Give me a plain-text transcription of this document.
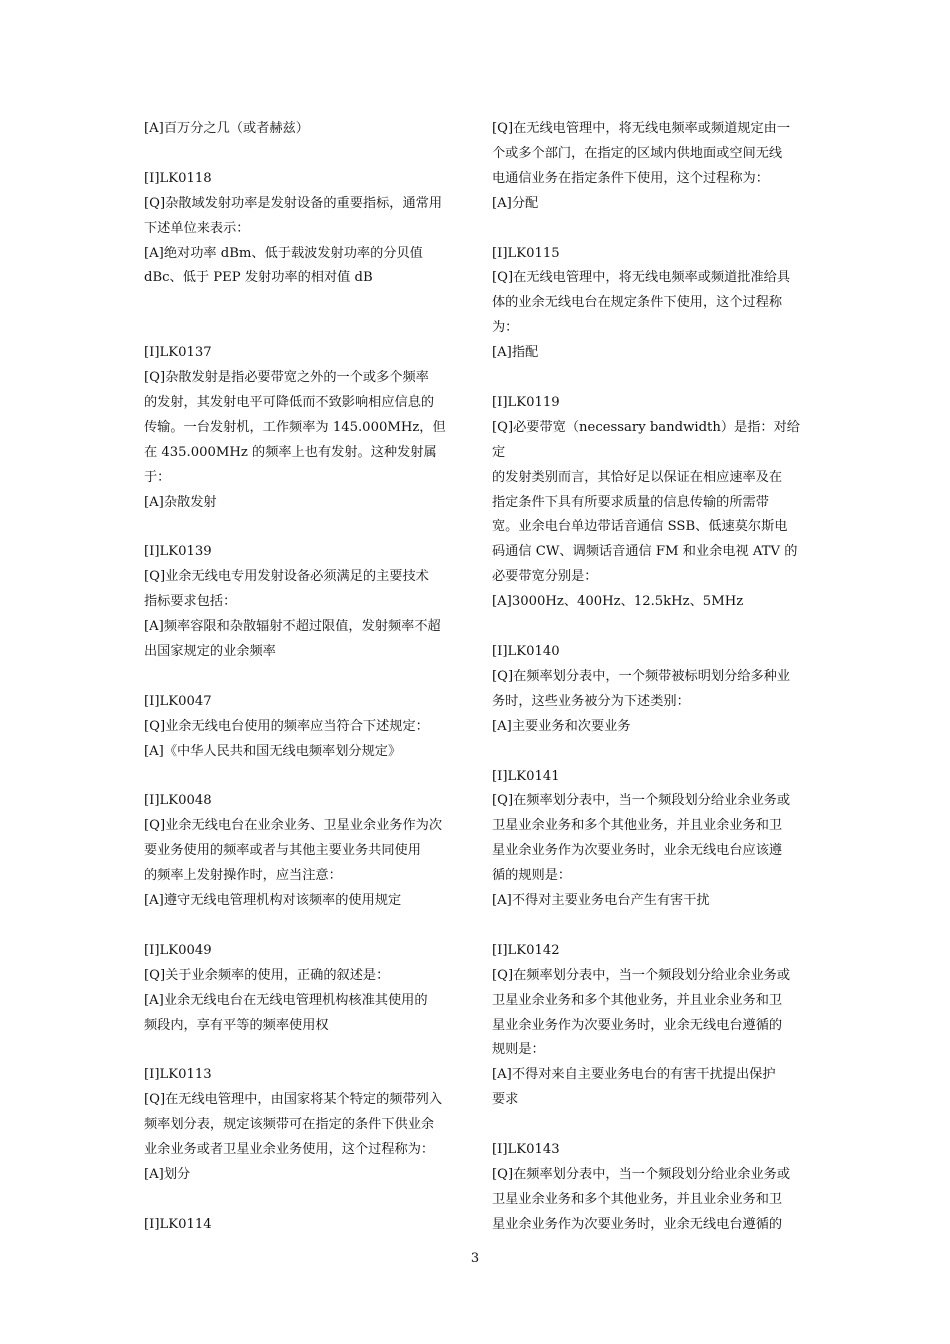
[A]百万分之几（或者赫兹）

[I]LK0118

[Q]杂散域发射功率是发射设备的重要指标，通常用

下述单位来表示：

[A]绝对功率 dBm、低于载波发射功率的分贝值

dBc、低于 PEP 发射功率的相对值 dB

[I]LK0137

[Q]杂散发射是指必要带宽之外的一个或多个频率

的发射，其发射电平可降低而不致影响相应信息的

传输。一台发射机，工作频率为 145.000MHz，但

在 435.000MHz 的频率上也有发射。这种发射属于：

[A]杂散发射

[I]LK0139

[Q]业余无线电专用发射设备必须满足的主要技术

指标要求包括：

[A]频率容限和杂散辐射不超过限值，发射频率不超

出国家规定的业余频率

[I]LK0047

[Q]业余无线电台使用的频率应当符合下述规定：

[A]《中华人民共和国无线电频率划分规定》

[I]LK0048

[Q]业余无线电台在业余业务、卫星业余业务作为次

要业务使用的频率或者与其他主要业务共同使用

的频率上发射操作时，应当注意：

[A]遵守无线电管理机构对该频率的使用规定

[I]LK0049

[Q]关于业余频率的使用，正确的叙述是：

[A]业余无线电台在无线电管理机构核准其使用的

频段内，享有平等的频率使用权

[I]LK0113

[Q]在无线电管理中，由国家将某个特定的频带列入

频率划分表，规定该频带可在指定的条件下供业余

业余业务或者卫星业余业务使用，这个过程称为：

[A]划分

[I]LK0114

[Q]在无线电管理中，将无线电频率或频道规定由一

个或多个部门，在指定的区域内供地面或空间无线

电通信业务在指定条件下使用，这个过程称为：

[A]分配

[I]LK0115

[Q]在无线电管理中，将无线电频率或频道批准给具

体的业余无线电台在规定条件下使用，这个过程称

为：

[A]指配

[I]LK0119

[Q]必要带宽（necessary bandwidth）是指：对给定

的发射类别而言，其恰好足以保证在相应速率及在

指定条件下具有所要求质量的信息传输的所需带

宽。业余电台单边带话音通信 SSB、低速莫尔斯电

码通信 CW、调频话音通信 FM 和业余电视 ATV 的

必要带宽分别是：

[A]3000Hz、400Hz、12.5kHz、5MHz

[I]LK0140

[Q]在频率划分表中，一个频带被标明划分给多种业

务时，这些业务被分为下述类别：

[A]主要业务和次要业务

[I]LK0141

[Q]在频率划分表中，当一个频段划分给业余业务或

卫星业余业务和多个其他业务，并且业余业务和卫

星业余业务作为次要业务时，业余无线电台应该遵

循的规则是：

[A]不得对主要业务电台产生有害干扰

[I]LK0142

[Q]在频率划分表中，当一个频段划分给业余业务或

卫星业余业务和多个其他业务，并且业余业务和卫

星业余业务作为次要业务时，业余无线电台遵循的

规则是：

[A]不得对来自主要业务电台的有害干扰提出保护

要求

[I]LK0143

[Q]在频率划分表中，当一个频段划分给业余业务或

卫星业余业务和多个其他业务，并且业余业务和卫

星业余业务作为次要业务时，业余无线电台遵循的

3
